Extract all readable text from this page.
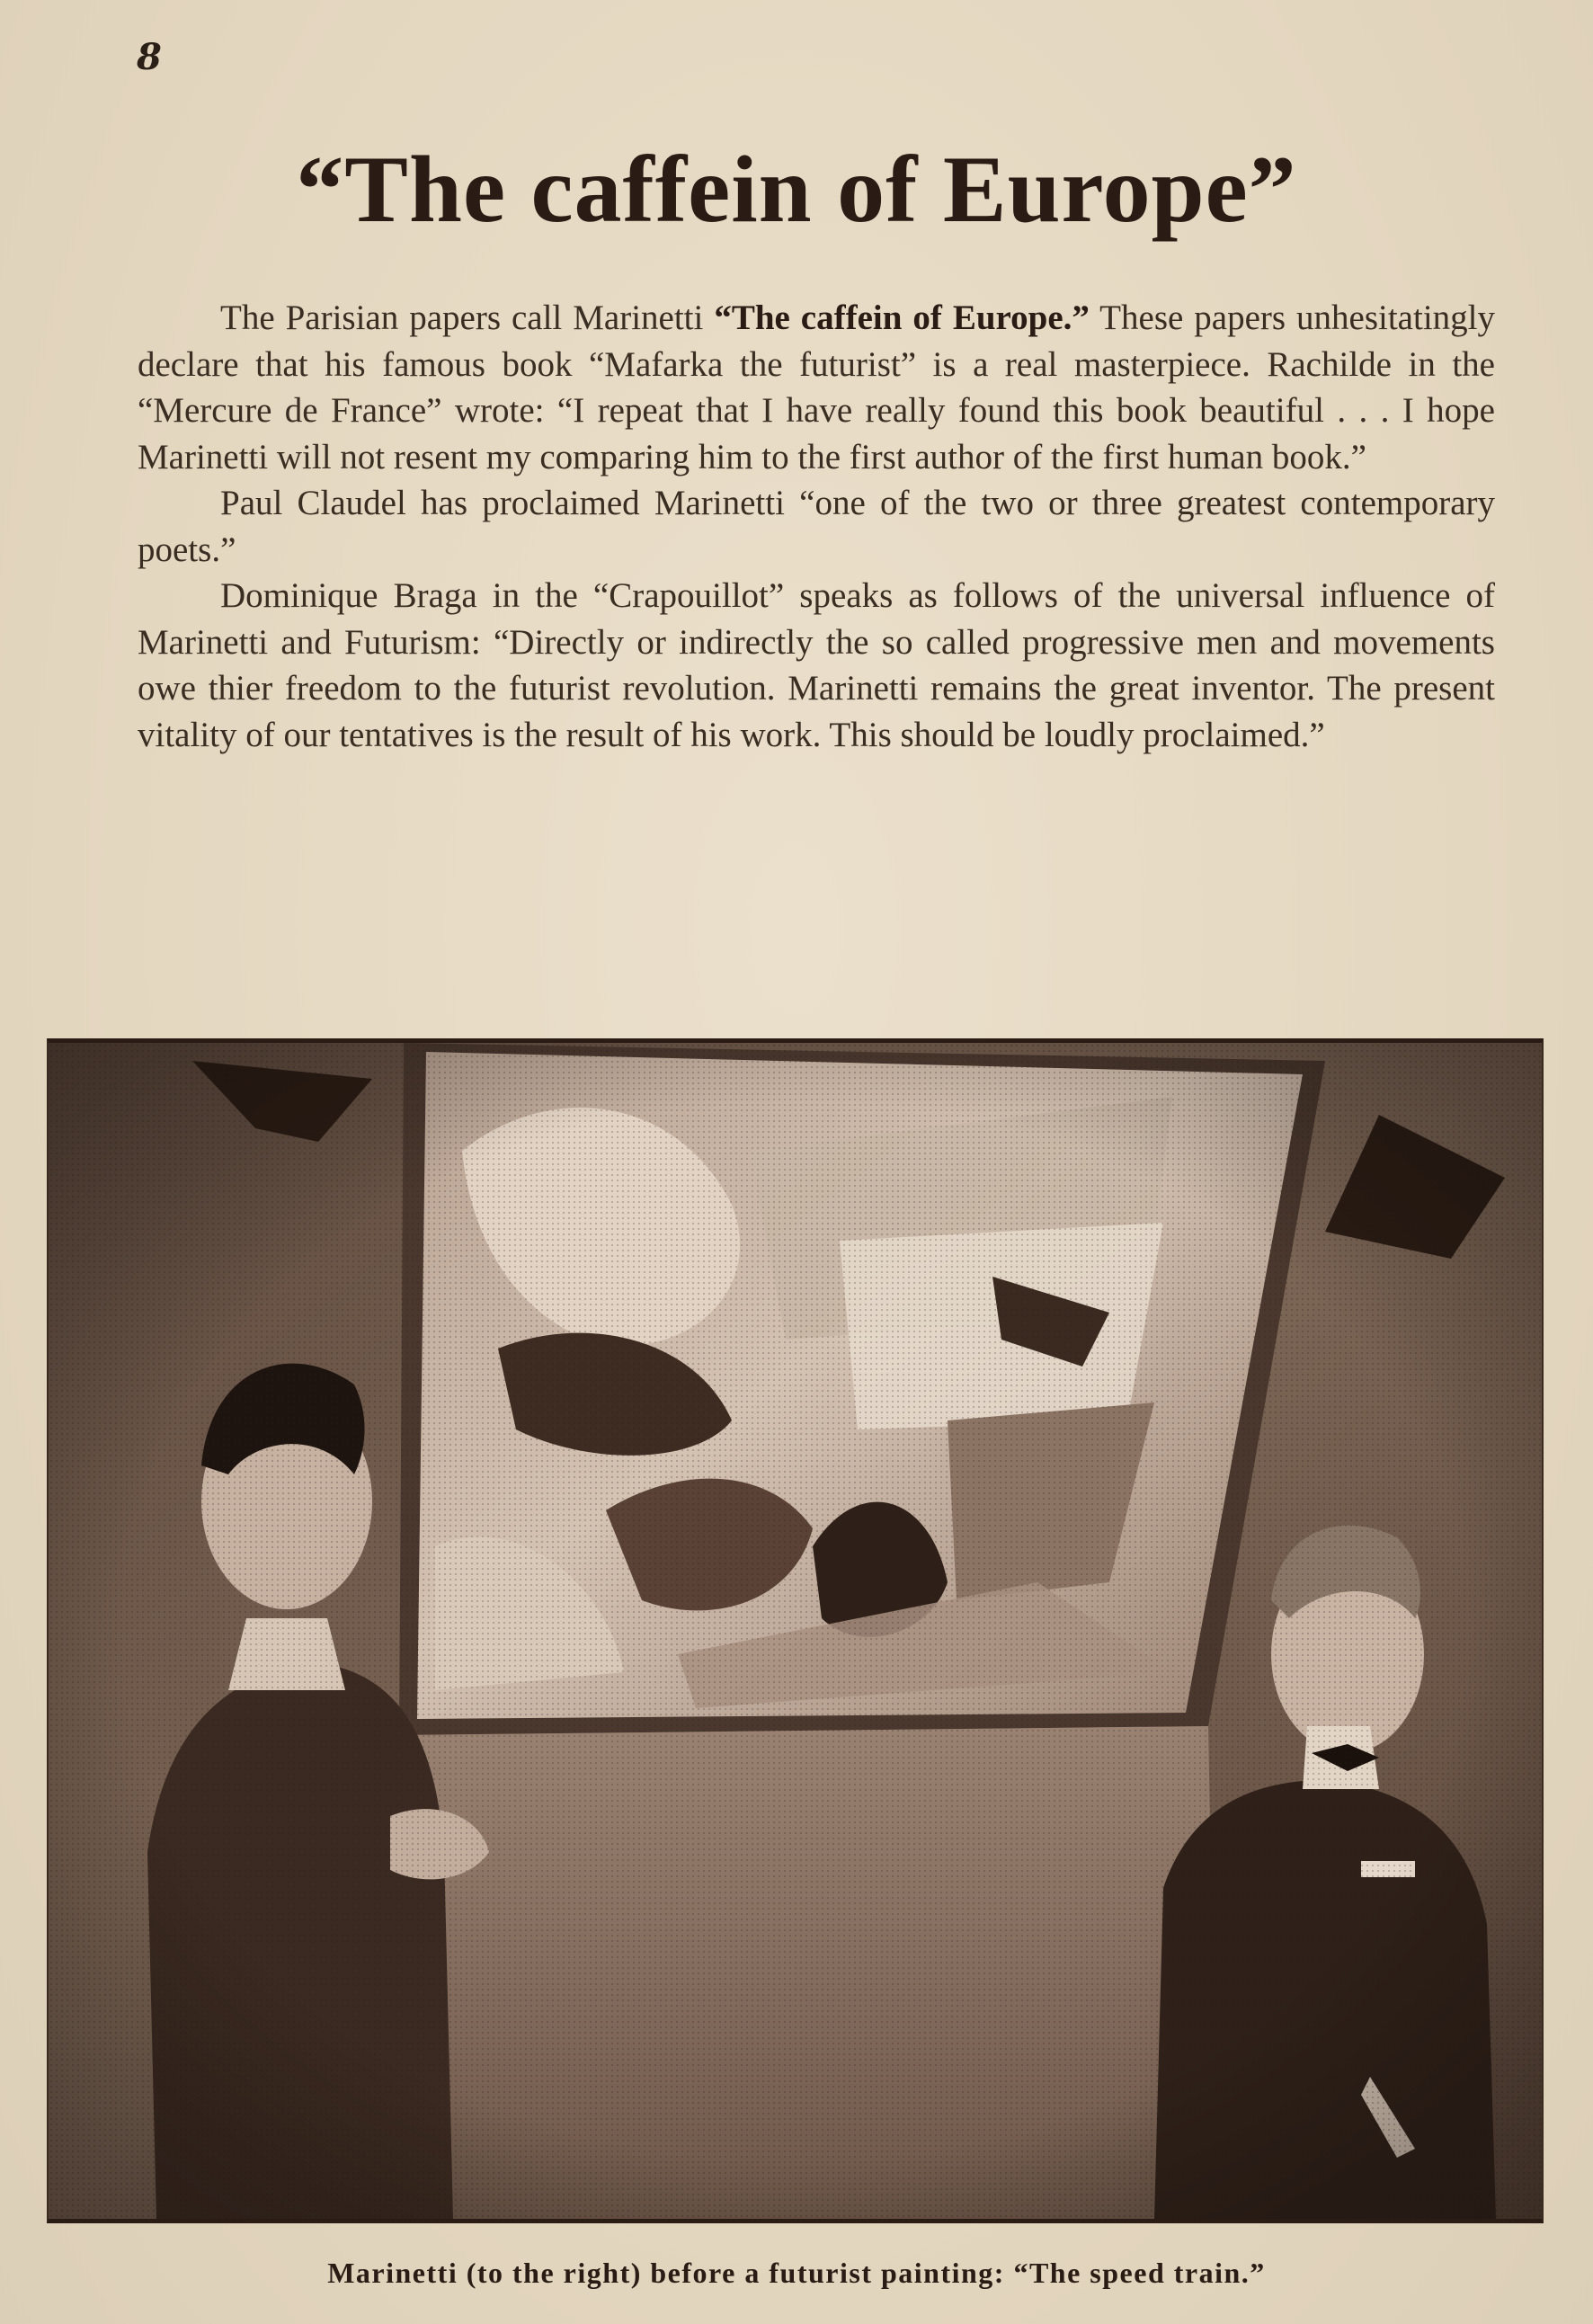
8
“The caffein of Europe”

The Parisian papers call Marinetti “The caffein of Europe.” These papers unhesitatingly declare that his famous book “Mafarka the futurist” is a real masterpiece. Rachilde in the “Mercure de France” wrote: “I repeat that I have really found this book beautiful . . . I hope Marinetti will not resent my comparing him to the first author of the first human book.”

Paul Claudel has proclaimed Marinetti “one of the two or three greatest contemporary poets.”

Dominique Braga in the “Crapouillot” speaks as follows of the universal influence of Marinetti and Futurism: “Directly or indirectly the so called progressive men and movements owe thier freedom to the futurist revolution. Marinetti remains the great inventor. The present vitality of our tentatives is the result of his work. This should be loudly proclaimed.”

Marinetti (to the right) before a futurist painting: “The speed train.”
